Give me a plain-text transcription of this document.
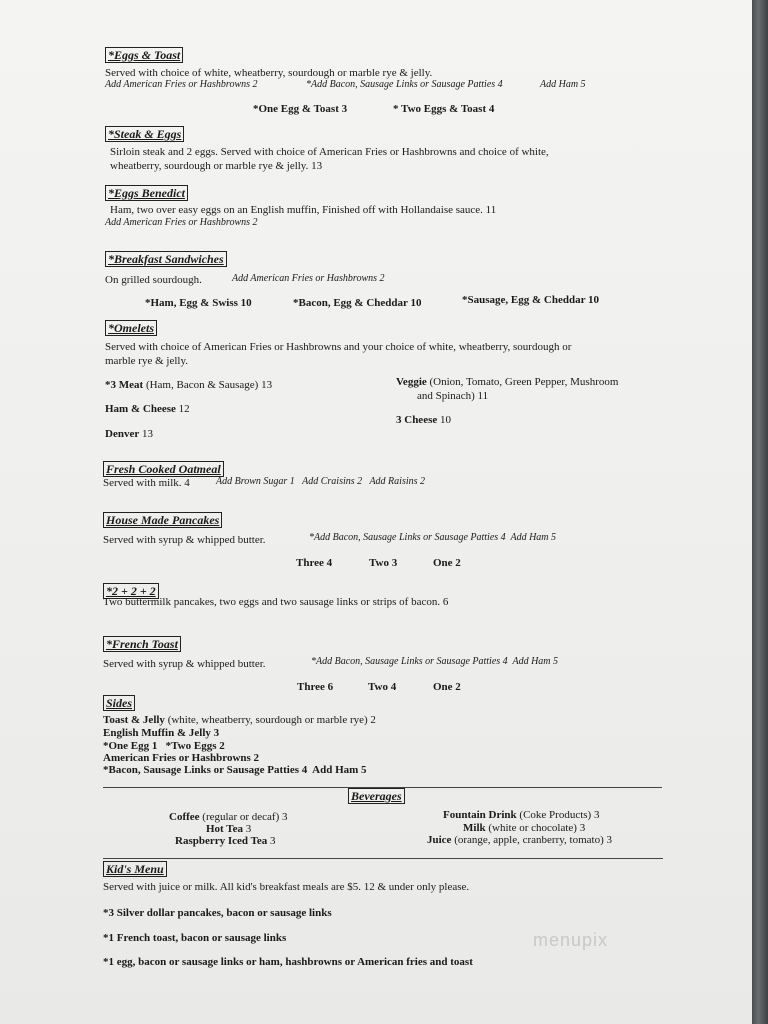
*Eggs & Toast
Served with choice of white, wheatberry, sourdough or marble rye & jelly.
Add American Fries or Hashbrowns 2	*Add Bacon, Sausage Links or Sausage Patties 4	Add Ham 5
*One Egg & Toast 3	* Two Eggs & Toast 4
*Steak & Eggs
Sirloin steak and 2 eggs. Served with choice of American Fries or Hashbrowns and choice of white,
wheatberry, sourdough or marble rye & jelly. 13
*Eggs Benedict
Ham, two over easy eggs on an English muffin, Finished off with Hollandaise sauce. 11
Add American Fries or Hashbrowns 2
*Breakfast Sandwiches
On grilled sourdough.	Add American Fries or Hashbrowns 2
*Ham, Egg & Swiss 10	*Bacon, Egg & Cheddar 10	*Sausage, Egg & Cheddar 10
*Omelets
Served with choice of American Fries or Hashbrowns and your choice of white, wheatberry, sourdough or
marble rye & jelly.
*3 Meat (Ham, Bacon & Sausage) 13
Ham & Cheese 12
Denver 13
Veggie (Onion, Tomato, Green Pepper, Mushroom
and Spinach) 11
3 Cheese 10
Fresh Cooked Oatmeal
Served with milk. 4	Add Brown Sugar 1   Add Craisins 2   Add Raisins 2
House Made Pancakes
Served with syrup & whipped butter.	*Add Bacon, Sausage Links or Sausage Patties 4  Add Ham 5
Three 4	Two 3	One 2
*2 + 2 + 2
Two buttermilk pancakes, two eggs and two sausage links or strips of bacon. 6
*French Toast
Served with syrup & whipped butter.	*Add Bacon, Sausage Links or Sausage Patties 4  Add Ham 5
Three 6	Two 4	One 2
Sides
Toast & Jelly (white, wheatberry, sourdough or marble rye) 2
English Muffin & Jelly 3
*One Egg 1   *Two Eggs 2
American Fries or Hashbrowns 2
*Bacon, Sausage Links or Sausage Patties 4  Add Ham 5
Beverages
Coffee (regular or decaf) 3
Hot Tea 3
Raspberry Iced Tea 3
Fountain Drink (Coke Products) 3
Milk (white or chocolate) 3
Juice (orange, apple, cranberry, tomato) 3
Kid's Menu
Served with juice or milk. All kid's breakfast meals are $5. 12 & under only please.
*3 Silver dollar pancakes, bacon or sausage links
*1 French toast, bacon or sausage links
*1 egg, bacon or sausage links or ham, hashbrowns or American fries and toast
menupix
